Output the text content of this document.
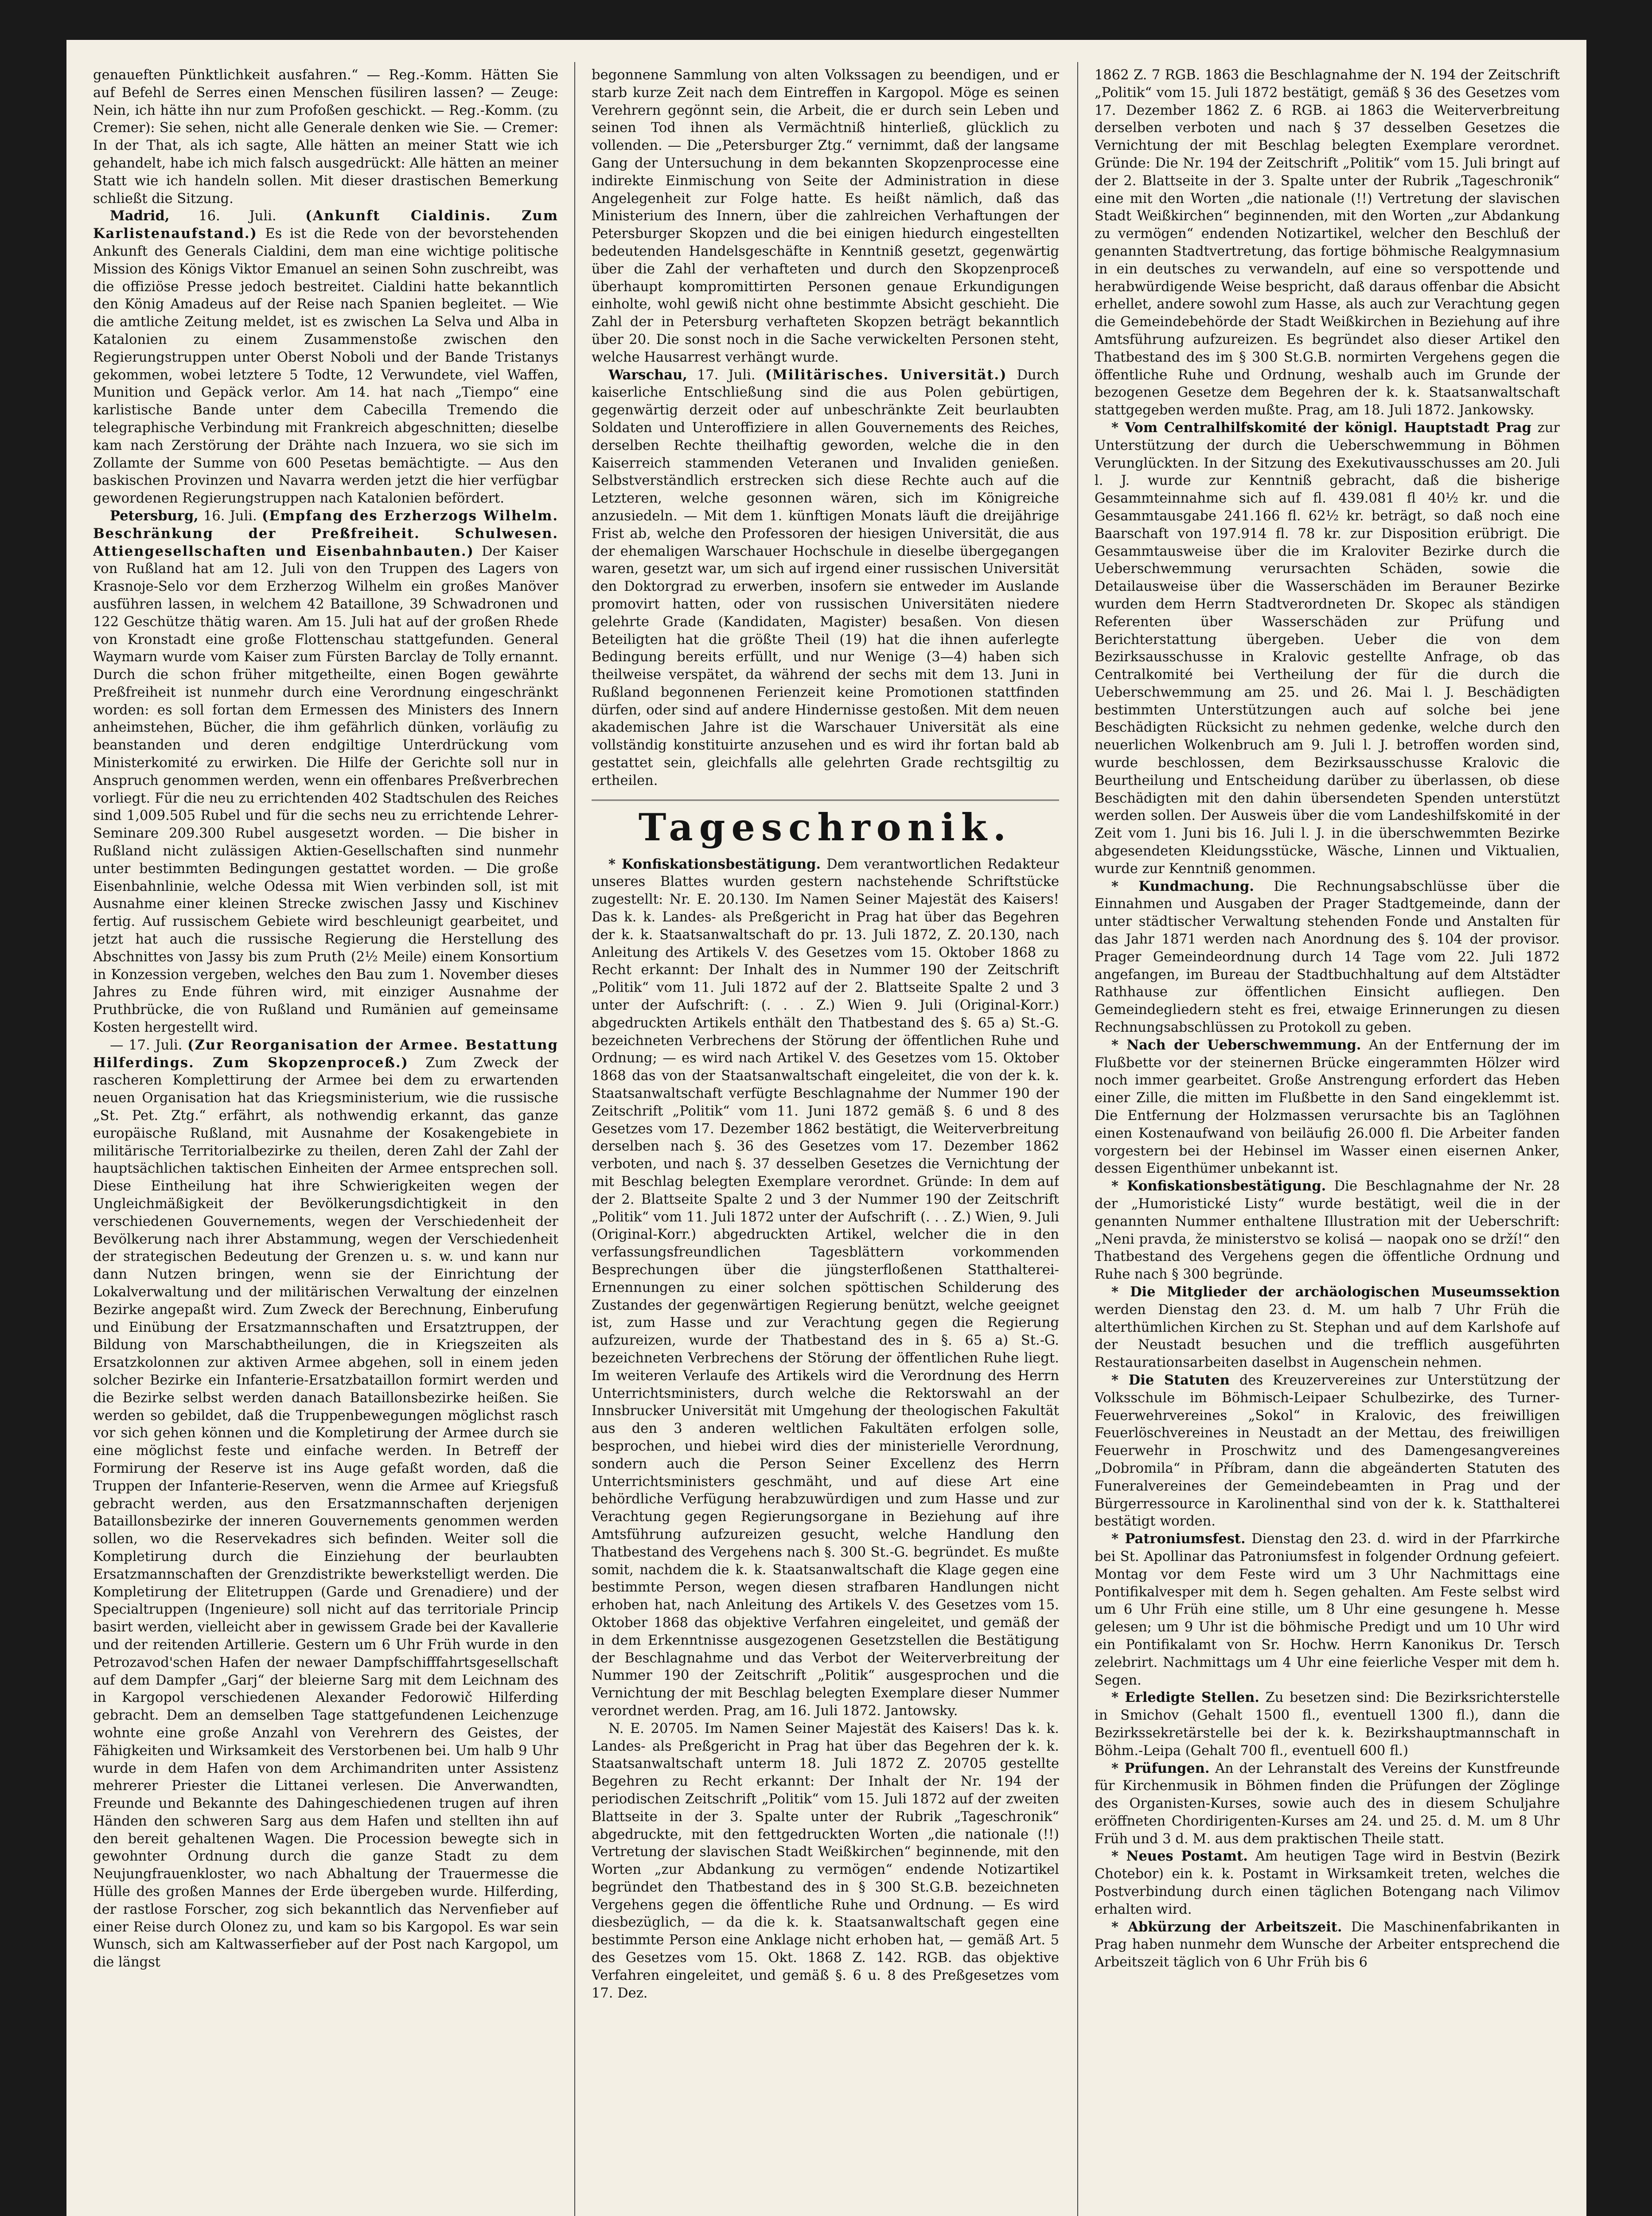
genaueften Pünktlichkeit ausfahren.“ — Reg.-Komm. Hätten Sie auf Befehl de Serres einen Menschen füsiliren lassen? — Zeuge: Nein, ich hätte ihn nur zum Profoßen geschickt. — Reg.-Komm. (zu Cremer): Sie sehen, nicht alle Generale denken wie Sie. — Cremer: In der That, als ich sagte, Alle hätten an meiner Statt wie ich gehandelt, habe ich mich falsch ausgedrückt: Alle hätten an meiner Statt wie ich handeln sollen. Mit dieser drastischen Bemerkung schließt die Sitzung.

Madrid, 16. Juli. (Ankunft Cialdinis. Zum Karlistenaufstand.) Es ist die Rede von der bevorstehenden Ankunft des Generals Cialdini, dem man eine wichtige politische Mission des Königs Viktor Emanuel an seinen Sohn zuschreibt, was die offiziöse Presse jedoch bestreitet. Cialdini hatte bekanntlich den König Amadeus auf der Reise nach Spanien begleitet. — Wie die amtliche Zeitung meldet, ist es zwischen La Selva und Alba in Katalonien zu einem Zusammenstoße zwischen den Regierungstruppen unter Oberst Noboli und der Bande Tristanys gekommen, wobei letztere 5 Todte, 12 Verwundete, viel Waffen, Munition und Gepäck verlor. Am 14. hat nach „Tiempo“ eine karlistische Bande unter dem Cabecilla Tremendo die telegraphische Verbindung mit Frankreich abgeschnitten; dieselbe kam nach Zerstörung der Drähte nach Inzuera, wo sie sich im Zollamte der Summe von 600 Pesetas bemächtigte. — Aus den baskischen Provinzen und Navarra werden jetzt die hier verfügbar gewordenen Regierungstruppen nach Katalonien befördert.

Petersburg, 16. Juli. (Empfang des Erzherzogs Wilhelm. Beschränkung der Preßfreiheit. Schulwesen. Attiengesellschaften und Eisenbahnbauten.) Der Kaiser von Rußland hat am 12. Juli von den Truppen des Lagers von Krasnoje-Selo vor dem Erzherzog Wilhelm ein großes Manöver ausführen lassen, in welchem 42 Bataillone, 39 Schwadronen und 122 Geschütze thätig waren. Am 15. Juli hat auf der großen Rhede von Kronstadt eine große Flottenschau stattgefunden. General Waymarn wurde vom Kaiser zum Fürsten Barclay de Tolly ernannt. Durch die schon früher mitgetheilte, einen Bogen gewährte Preßfreiheit ist nunmehr durch eine Verordnung eingeschränkt worden: es soll fortan dem Ermessen des Ministers des Innern anheimstehen, Bücher, die ihm gefährlich dünken, vorläufig zu beanstanden und deren endgiltige Unterdrückung vom Ministerkomité zu erwirken. Die Hilfe der Gerichte soll nur in Anspruch genommen werden, wenn ein offenbares Preßverbrechen vorliegt. Für die neu zu errichtenden 402 Stadtschulen des Reiches sind 1,009.505 Rubel und für die sechs neu zu errichtende Lehrer-Seminare 209.300 Rubel ausgesetzt worden. — Die bisher in Rußland nicht zulässigen Aktien-Gesellschaften sind nunmehr unter bestimmten Bedingungen gestattet worden. — Die große Eisenbahnlinie, welche Odessa mit Wien verbinden soll, ist mit Ausnahme einer kleinen Strecke zwischen Jassy und Kischinev fertig. Auf russischem Gebiete wird beschleunigt gearbeitet, und jetzt hat auch die russische Regierung die Herstellung des Abschnittes von Jassy bis zum Pruth (2½ Meile) einem Konsortium in Konzession vergeben, welches den Bau zum 1. November dieses Jahres zu Ende führen wird, mit einziger Ausnahme der Pruthbrücke, die von Rußland und Rumänien auf gemeinsame Kosten hergestellt wird.

— 17. Juli. (Zur Reorganisation der Armee. Bestattung Hilferdings. Zum Skopzenproceß.) Zum Zweck der rascheren Komplettirung der Armee bei dem zu erwartenden neuen Organisation hat das Kriegsministerium, wie die russische „St. Pet. Ztg.“ erfährt, als nothwendig erkannt, das ganze europäische Rußland, mit Ausnahme der Kosakengebiete in militärische Territorialbezirke zu theilen, deren Zahl der Zahl der hauptsächlichen taktischen Einheiten der Armee entsprechen soll. Diese Eintheilung hat ihre Schwierigkeiten wegen der Ungleichmäßigkeit der Bevölkerungsdichtigkeit in den verschiedenen Gouvernements, wegen der Verschiedenheit der Bevölkerung nach ihrer Abstammung, wegen der Verschiedenheit der strategischen Bedeutung der Grenzen u. s. w. und kann nur dann Nutzen bringen, wenn sie der Einrichtung der Lokalverwaltung und der militärischen Verwaltung der einzelnen Bezirke angepaßt wird. Zum Zweck der Berechnung, Einberufung und Einübung der Ersatzmannschaften und Ersatztruppen, der Bildung von Marschabtheilungen, die in Kriegszeiten als Ersatzkolonnen zur aktiven Armee abgehen, soll in einem jeden solcher Bezirke ein Infanterie-Ersatzbataillon formirt werden und die Bezirke selbst werden danach Bataillonsbezirke heißen. Sie werden so gebildet, daß die Truppenbewegungen möglichst rasch vor sich gehen können und die Kompletirung der Armee durch sie eine möglichst feste und einfache werden. In Betreff der Formirung der Reserve ist ins Auge gefaßt worden, daß die Truppen der Infanterie-Reserven, wenn die Armee auf Kriegsfuß gebracht werden, aus den Ersatzmannschaften derjenigen Bataillonsbezirke der inneren Gouvernements genommen werden sollen, wo die Reservekadres sich befinden. Weiter soll die Kompletirung durch die Einziehung der beurlaubten Ersatzmannschaften der Grenzdistrikte bewerkstelligt werden. Die Kompletirung der Elitetruppen (Garde und Grenadiere) und der Specialtruppen (Ingenieure) soll nicht auf das territoriale Princip basirt werden, vielleicht aber in gewissem Grade bei der Kavallerie und der reitenden Artillerie. Gestern um 6 Uhr Früh wurde in den Petrozavod'schen Hafen der newaer Dampfschifffahrtsgesellschaft auf dem Dampfer „Garj“ der bleierne Sarg mit dem Leichnam des in Kargopol verschiedenen Alexander Fedorowič Hilferding gebracht. Dem an demselben Tage stattgefundenen Leichenzuge wohnte eine große Anzahl von Verehrern des Geistes, der Fähigkeiten und Wirksamkeit des Verstorbenen bei. Um halb 9 Uhr wurde in dem Hafen von dem Archimandriten unter Assistenz mehrerer Priester die Littanei verlesen. Die Anverwandten, Freunde und Bekannte des Dahingeschiedenen trugen auf ihren Händen den schweren Sarg aus dem Hafen und stellten ihn auf den bereit gehaltenen Wagen. Die Procession bewegte sich in gewohnter Ordnung durch die ganze Stadt zu dem Neujungfrauenkloster, wo nach Abhaltung der Trauermesse die Hülle des großen Mannes der Erde übergeben wurde. Hilferding, der rastlose Forscher, zog sich bekanntlich das Nervenfieber auf einer Reise durch Olonez zu, und kam so bis Kargopol. Es war sein Wunsch, sich am Kaltwasserfieber auf der Post nach Kargopol, um die längst

begonnene Sammlung von alten Volkssagen zu beendigen, und er starb kurze Zeit nach dem Eintreffen in Kargopol. Möge es seinen Verehrern gegönnt sein, die Arbeit, die er durch sein Leben und seinen Tod ihnen als Vermächtniß hinterließ, glücklich zu vollenden. — Die „Petersburger Ztg.“ vernimmt, daß der langsame Gang der Untersuchung in dem bekannten Skopzenprocesse eine indirekte Einmischung von Seite der Administration in diese Angelegenheit zur Folge hatte. Es heißt nämlich, daß das Ministerium des Innern, über die zahlreichen Verhaftungen der Petersburger Skopzen und die bei einigen hiedurch eingestellten bedeutenden Handelsgeschäfte in Kenntniß gesetzt, gegenwärtig über die Zahl der verhafteten und durch den Skopzenproceß überhaupt kompromittirten Personen genaue Erkundigungen einholte, wohl gewiß nicht ohne bestimmte Absicht geschieht. Die Zahl der in Petersburg verhafteten Skopzen beträgt bekanntlich über 20. Die sonst noch in die Sache verwickelten Personen steht, welche Hausarrest verhängt wurde.

Warschau, 17. Juli. (Militärisches. Universität.) Durch kaiserliche Entschließung sind die aus Polen gebürtigen, gegenwärtig derzeit oder auf unbeschränkte Zeit beurlaubten Soldaten und Unteroffiziere in allen Gouvernements des Reiches, derselben Rechte theilhaftig geworden, welche die in den Kaiserreich stammenden Veteranen und Invaliden genießen. Selbstverständlich erstrecken sich diese Rechte auch auf die Letzteren, welche gesonnen wären, sich im Königreiche anzusiedeln. — Mit dem 1. künftigen Monats läuft die dreijährige Frist ab, welche den Professoren der hiesigen Universität, die aus der ehemaligen Warschauer Hochschule in dieselbe übergegangen waren, gesetzt war, um sich auf irgend einer russischen Universität den Doktorgrad zu erwerben, insofern sie entweder im Auslande promovirt hatten, oder von russischen Universitäten niedere gelehrte Grade (Kandidaten, Magister) besaßen. Von diesen Beteiligten hat die größte Theil (19) hat die ihnen auferlegte Bedingung bereits erfüllt, und nur Wenige (3—4) haben sich theilweise verspätet, da während der sechs mit dem 13. Juni in Rußland begonnenen Ferienzeit keine Promotionen stattfinden dürfen, oder sind auf andere Hindernisse gestoßen. Mit dem neuen akademischen Jahre ist die Warschauer Universität als eine vollständig konstituirte anzusehen und es wird ihr fortan bald ab gestattet sein, gleichfalls alle gelehrten Grade rechtsgiltig zu ertheilen.

Tageschronik.

* Konfiskationsbestätigung. Dem verantwortlichen Redakteur unseres Blattes wurden gestern nachstehende Schriftstücke zugestellt: Nr. E. 20.130. Im Namen Seiner Majestät des Kaisers! Das k. k. Landes- als Preßgericht in Prag hat über das Begehren der k. k. Staatsanwaltschaft do pr. 13. Juli 1872, Z. 20.130, nach Anleitung des Artikels V. des Gesetzes vom 15. Oktober 1868 zu Recht erkannt: Der Inhalt des in Nummer 190 der Zeitschrift „Politik“ vom 11. Juli 1872 auf der 2. Blattseite Spalte 2 und 3 unter der Aufschrift: (. . . Z.) Wien 9. Juli (Original-Korr.) abgedruckten Artikels enthält den Thatbestand des §. 65 a) St.-G. bezeichneten Verbrechens der Störung der öffentlichen Ruhe und Ordnung; — es wird nach Artikel V. des Gesetzes vom 15. Oktober 1868 das von der Staatsanwaltschaft eingeleitet, die von der k. k. Staatsanwaltschaft verfügte Beschlagnahme der Nummer 190 der Zeitschrift „Politik“ vom 11. Juni 1872 gemäß §. 6 und 8 des Gesetzes vom 17. Dezember 1862 bestätigt, die Weiterverbreitung derselben nach §. 36 des Gesetzes vom 17. Dezember 1862 verboten, und nach §. 37 desselben Gesetzes die Vernichtung der mit Beschlag belegten Exemplare verordnet. Gründe: In dem auf der 2. Blattseite Spalte 2 und 3 der Nummer 190 der Zeitschrift „Politik“ vom 11. Juli 1872 unter der Aufschrift (. . . Z.) Wien, 9. Juli (Original-Korr.) abgedruckten Artikel, welcher die in den verfassungsfreundlichen Tagesblättern vorkommenden Besprechungen über die jüngsterfloßenen Statthalterei-Ernennungen zu einer solchen spöttischen Schilderung des Zustandes der gegenwärtigen Regierung benützt, welche geeignet ist, zum Hasse und zur Verachtung gegen die Regierung aufzureizen, wurde der Thatbestand des in §. 65 a) St.-G. bezeichneten Verbrechens der Störung der öffentlichen Ruhe liegt. Im weiteren Verlaufe des Artikels wird die Verordnung des Herrn Unterrichtsministers, durch welche die Rektorswahl an der Innsbrucker Universität mit Umgehung der theologischen Fakultät aus den 3 anderen weltlichen Fakultäten erfolgen solle, besprochen, und hiebei wird dies der ministerielle Verordnung, sondern auch die Person Seiner Excellenz des Herrn Unterrichtsministers geschmäht, und auf diese Art eine behördliche Verfügung herabzuwürdigen und zum Hasse und zur Verachtung gegen Regierungsorgane in Beziehung auf ihre Amtsführung aufzureizen gesucht, welche Handlung den Thatbestand des Vergehens nach §. 300 St.-G. begründet. Es mußte somit, nachdem die k. k. Staatsanwaltschaft die Klage gegen eine bestimmte Person, wegen diesen strafbaren Handlungen nicht erhoben hat, nach Anleitung des Artikels V. des Gesetzes vom 15. Oktober 1868 das objektive Verfahren eingeleitet, und gemäß der in dem Erkenntnisse ausgezogenen Gesetzstellen die Bestätigung der Beschlagnahme und das Verbot der Weiterverbreitung der Nummer 190 der Zeitschrift „Politik“ ausgesprochen und die Vernichtung der mit Beschlag belegten Exemplare dieser Nummer verordnet werden. Prag, am 16. Juli 1872. Jantowsky.

N. E. 20705. Im Namen Seiner Majestät des Kaisers! Das k. k. Landes- als Preßgericht in Prag hat über das Begehren der k. k. Staatsanwaltschaft unterm 18. Juli 1872 Z. 20705 gestellte Begehren zu Recht erkannt: Der Inhalt der Nr. 194 der periodischen Zeitschrift „Politik“ vom 15. Juli 1872 auf der zweiten Blattseite in der 3. Spalte unter der Rubrik „Tageschronik“ abgedruckte, mit den fettgedruckten Worten „die nationale (!!) Vertretung der slavischen Stadt Weißkirchen“ beginnende, mit den Worten „zur Abdankung zu vermögen“ endende Notizartikel begründet den Thatbestand des in § 300 St.G.B. bezeichneten Vergehens gegen die öffentliche Ruhe und Ordnung. — Es wird diesbezüglich, — da die k. k. Staatsanwaltschaft gegen eine bestimmte Person eine Anklage nicht erhoben hat, — gemäß Art. 5 des Gesetzes vom 15. Okt. 1868 Z. 142. RGB. das objektive Verfahren eingeleitet, und gemäß §. 6 u. 8 des Preßgesetzes vom 17. Dez.

1862 Z. 7 RGB. 1863 die Beschlagnahme der N. 194 der Zeitschrift „Politik“ vom 15. Juli 1872 bestätigt, gemäß § 36 des Gesetzes vom 17. Dezember 1862 Z. 6 RGB. ai 1863 die Weiterverbreitung derselben verboten und nach § 37 desselben Gesetzes die Vernichtung der mit Beschlag belegten Exemplare verordnet. Gründe: Die Nr. 194 der Zeitschrift „Politik“ vom 15. Juli bringt auf der 2. Blattseite in der 3. Spalte unter der Rubrik „Tageschronik“ eine mit den Worten „die nationale (!!) Vertretung der slavischen Stadt Weißkirchen“ beginnenden, mit den Worten „zur Abdankung zu vermögen“ endenden Notizartikel, welcher den Beschluß der genannten Stadtvertretung, das fortige böhmische Realgymnasium in ein deutsches zu verwandeln, auf eine so verspottende und herabwürdigende Weise bespricht, daß daraus offenbar die Absicht erhellet, andere sowohl zum Hasse, als auch zur Verachtung gegen die Gemeindebehörde der Stadt Weißkirchen in Beziehung auf ihre Amtsführung aufzureizen. Es begründet also dieser Artikel den Thatbestand des im § 300 St.G.B. normirten Vergehens gegen die öffentliche Ruhe und Ordnung, weshalb auch im Grunde der bezogenen Gesetze dem Begehren der k. k. Staatsanwaltschaft stattgegeben werden mußte. Prag, am 18. Juli 1872. Jankowsky.

* Vom Centralhilfskomité der königl. Hauptstadt Prag zur Unterstützung der durch die Ueberschwemmung in Böhmen Verunglückten. In der Sitzung des Exekutivausschusses am 20. Juli l. J. wurde zur Kenntniß gebracht, daß die bisherige Gesammteinnahme sich auf fl. 439.081 fl 40½ kr. und die Gesammtausgabe 241.166 fl. 62½ kr. beträgt, so daß noch eine Baarschaft von 197.914 fl. 78 kr. zur Disposition erübrigt. Die Gesammtausweise über die im Kraloviter Bezirke durch die Ueberschwemmung verursachten Schäden, sowie die Detailausweise über die Wasserschäden im Berauner Bezirke wurden dem Herrn Stadtverordneten Dr. Skopec als ständigen Referenten über Wasserschäden zur Prüfung und Berichterstattung übergeben. Ueber die von dem Bezirksausschusse in Kralovic gestellte Anfrage, ob das Centralkomité bei Vertheilung der für die durch die Ueberschwemmung am 25. und 26. Mai l. J. Beschädigten bestimmten Unterstützungen auch auf solche bei jene Beschädigten Rücksicht zu nehmen gedenke, welche durch den neuerlichen Wolkenbruch am 9. Juli l. J. betroffen worden sind, wurde beschlossen, dem Bezirksausschusse Kralovic die Beurtheilung und Entscheidung darüber zu überlassen, ob diese Beschädigten mit den dahin übersendeten Spenden unterstützt werden sollen. Der Ausweis über die vom Landeshilfskomité in der Zeit vom 1. Juni bis 16. Juli l. J. in die überschwemmten Bezirke abgesendeten Kleidungsstücke, Wäsche, Linnen und Viktualien, wurde zur Kenntniß genommen.

* Kundmachung. Die Rechnungsabschlüsse über die Einnahmen und Ausgaben der Prager Stadtgemeinde, dann der unter städtischer Verwaltung stehenden Fonde und Anstalten für das Jahr 1871 werden nach Anordnung des §. 104 der provisor. Prager Gemeindeordnung durch 14 Tage vom 22. Juli 1872 angefangen, im Bureau der Stadtbuchhaltung auf dem Altstädter Rathhause zur öffentlichen Einsicht aufliegen. Den Gemeindegliedern steht es frei, etwaige Erinnerungen zu diesen Rechnungsabschlüssen zu Protokoll zu geben.

* Nach der Ueberschwemmung. An der Entfernung der im Flußbette vor der steinernen Brücke eingerammten Hölzer wird noch immer gearbeitet. Große Anstrengung erfordert das Heben einer Zille, die mitten im Flußbette in den Sand eingeklemmt ist. Die Entfernung der Holzmassen verursachte bis an Taglöhnen einen Kostenaufwand von beiläufig 26.000 fl. Die Arbeiter fanden vorgestern bei der Hebinsel im Wasser einen eisernen Anker, dessen Eigenthümer unbekannt ist.

* Konfiskationsbestätigung. Die Beschlagnahme der Nr. 28 der „Humoristické Listy“ wurde bestätigt, weil die in der genannten Nummer enthaltene Illustration mit der Ueberschrift: „Neni pravda, že ministerstvo se kolisá — naopak ono se drží!“ den Thatbestand des Vergehens gegen die öffentliche Ordnung und Ruhe nach § 300 begründe.

* Die Mitglieder der archäologischen Museumssektion werden Dienstag den 23. d. M. um halb 7 Uhr Früh die alterthümlichen Kirchen zu St. Stephan und auf dem Karlshofe auf der Neustadt besuchen und die trefflich ausgeführten Restaurationsarbeiten daselbst in Augenschein nehmen.

* Die Statuten des Kreuzervereines zur Unterstützung der Volksschule im Böhmisch-Leipaer Schulbezirke, des Turner-Feuerwehrvereines „Sokol“ in Kralovic, des freiwilligen Feuerlöschvereines in Neustadt an der Mettau, des freiwilligen Feuerwehr in Proschwitz und des Damengesangvereines „Dobromila“ in Příbram, dann die abgeänderten Statuten des Funeralvereines der Gemeindebeamten in Prag und der Bürgerressource in Karolinenthal sind von der k. k. Statthalterei bestätigt worden.

* Patroniumsfest. Dienstag den 23. d. wird in der Pfarrkirche bei St. Apollinar das Patroniumsfest in folgender Ordnung gefeiert. Montag vor dem Feste wird um 3 Uhr Nachmittags eine Pontifikalvesper mit dem h. Segen gehalten. Am Feste selbst wird um 6 Uhr Früh eine stille, um 8 Uhr eine gesungene h. Messe gelesen; um 9 Uhr ist die böhmische Predigt und um 10 Uhr wird ein Pontifikalamt von Sr. Hochw. Herrn Kanonikus Dr. Tersch zelebrirt. Nachmittags um 4 Uhr eine feierliche Vesper mit dem h. Segen.

* Erledigte Stellen. Zu besetzen sind: Die Bezirksrichterstelle in Smichov (Gehalt 1500 fl., eventuell 1300 fl.), dann die Bezirkssekretärstelle bei der k. k. Bezirkshauptmannschaft in Böhm.-Leipa (Gehalt 700 fl., eventuell 600 fl.)

* Prüfungen. An der Lehranstalt des Vereins der Kunstfreunde für Kirchenmusik in Böhmen finden die Prüfungen der Zöglinge des Organisten-Kurses, sowie auch des in diesem Schuljahre eröffneten Chordirigenten-Kurses am 24. und 25. d. M. um 8 Uhr Früh und 3 d. M. aus dem praktischen Theile statt.

* Neues Postamt. Am heutigen Tage wird in Bestvin (Bezirk Chotebor) ein k. k. Postamt in Wirksamkeit treten, welches die Postverbindung durch einen täglichen Botengang nach Vilimov erhalten wird.

* Abkürzung der Arbeitszeit. Die Maschinenfabrikanten in Prag haben nunmehr dem Wunsche der Arbeiter entsprechend die Arbeitszeit täglich von 6 Uhr Früh bis 6
